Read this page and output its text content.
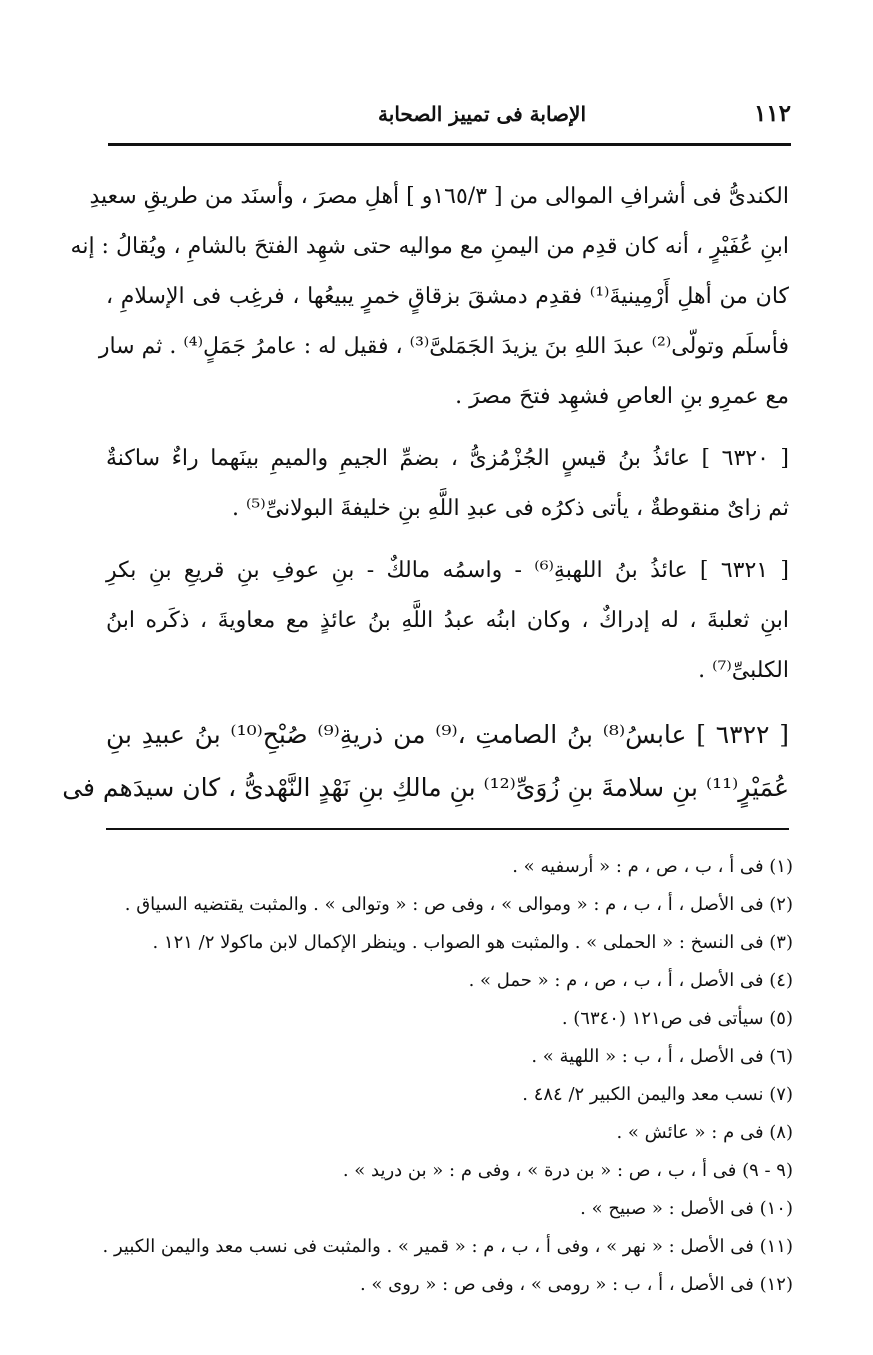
١١٢
الإصابة فى تمييز الصحابة
الكندىُّ فى أشرافِ الموالى من [ ١٦٥/٣و ] أهلِ مصرَ ، وأسنَد من طريقِ سعيدِ
ابنِ عُفَيْرٍ ، أنه كان قدِم من اليمنِ مع مواليه حتى شهِد الفتحَ بالشامِ ، ويُقالُ : إنه
كان من أهلِ أَرْمِينيةَ⁽¹⁾ فقدِم دمشقَ بزقاقٍ خمرٍ يبيعُها ، فرغِب فى الإسلامِ ،
فأسلَم وتولّى⁽²⁾ عبدَ اللهِ بنَ يزيدَ الجَمَلىَّ⁽³⁾ ، فقيل له : عامرُ جَمَلٍ⁽⁴⁾ . ثم سار
مع عمرِو بنِ العاصِ فشهِد فتحَ مصرَ .
[ ٦٣٢٠ ] عائذُ بنُ قيسٍ الجُزْمُزىُّ ، بضمِّ الجيمِ والميمِ بينَهما راءٌ ساكنةٌ
ثم زاىٌ منقوطةٌ ، يأتى ذكرُه فى عبدِ اللَّهِ بنِ خليفةَ البولانىِّ⁽⁵⁾ .
[ ٦٣٢١ ] عائذُ بنُ اللهبةِ⁽⁶⁾ - واسمُه مالكٌ - بنِ عوفِ بنِ قريعِ بنِ بكرِ
ابنِ ثعلبةَ ، له إدراكٌ ، وكان ابنُه عبدُ اللَّهِ بنُ عائذٍ مع معاويةَ ، ذكَره ابنُ
الكلبىِّ⁽⁷⁾ .
[ ٦٣٢٢ ] عابسُ⁽⁸⁾ بنُ الصامتِ ،⁽⁹⁾ من ذريةِ⁽⁹⁾ صُبْحِ⁽¹⁰⁾ بنُ عبيدِ بنِ
عُمَيْرٍ⁽¹¹⁾ بنِ سلامةَ بنِ زُوَىِّ⁽¹²⁾ بنِ مالكِ بنِ نَهْدٍ النَّهْدىُّ ، كان سيدَهم فى
(١) فى أ ، ب ، ص ، م : « أرسفيه » .
(٢) فى الأصل ، أ ، ب ، م : « وموالى » ، وفى ص : « وتوالى » . والمثبت يقتضيه السياق .
(٣) فى النسخ : « الحملى » . والمثبت هو الصواب . وينظر الإكمال لابن ماكولا ٢/ ١٢١ .
(٤) فى الأصل ، أ ، ب ، ص ، م : « حمل » .
(٥) سيأتى فى ص١٢١ (٦٣٤٠) .
(٦) فى الأصل ، أ ، ب : « اللهية » .
(٧) نسب معد واليمن الكبير ٢/ ٤٨٤ .
(٨) فى م : « عائش » .
(٩ - ٩) فى أ ، ب ، ص : « بن درة » ، وفى م : « بن دريد » .
(١٠) فى الأصل : « صبيح » .
(١١) فى الأصل : « نهر » ، وفى أ ، ب ، م : « قمير » . والمثبت فى نسب معد واليمن الكبير .
(١٢) فى الأصل ، أ ، ب : « رومى » ، وفى ص : « روى » .
